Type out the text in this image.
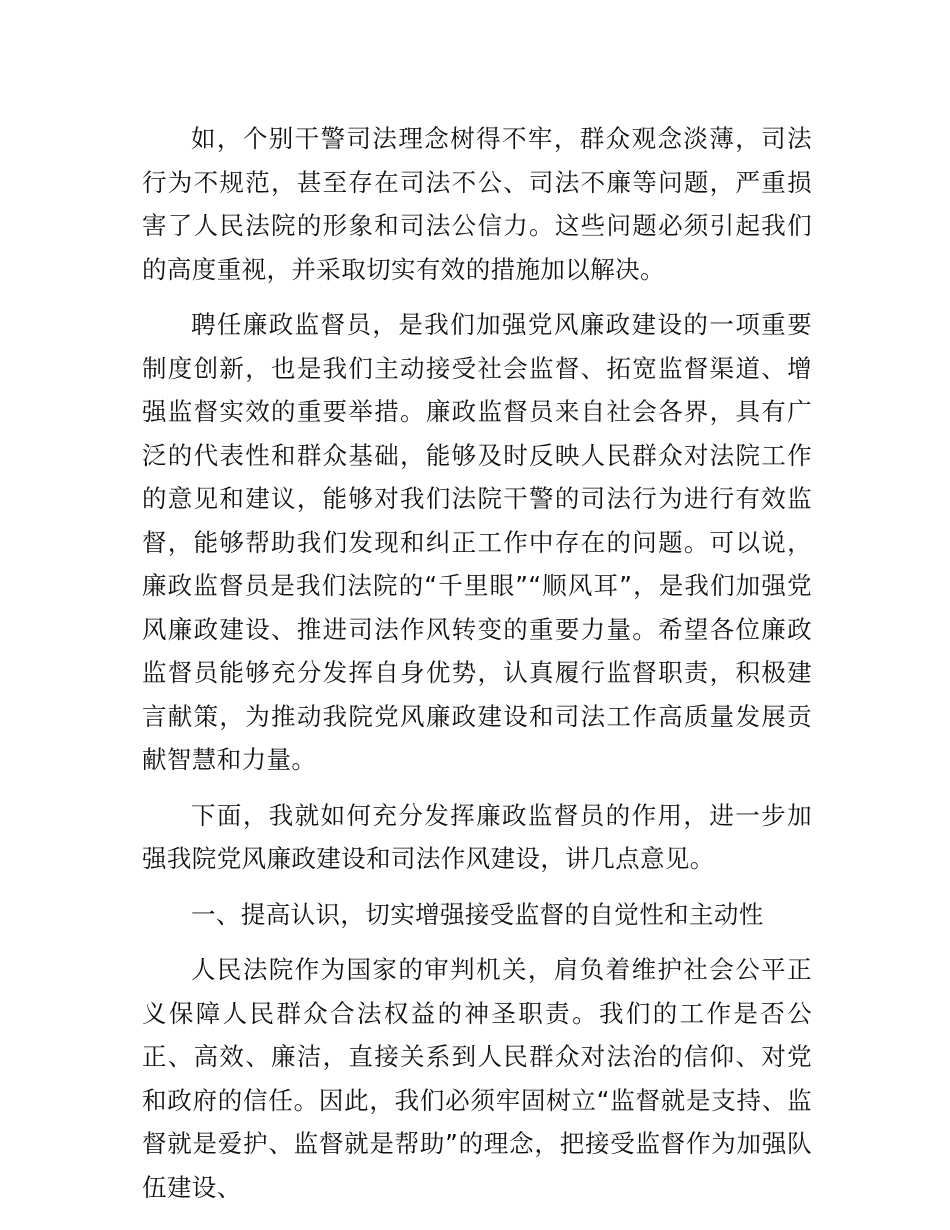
如，个别干警司法理念树得不牢，群众观念淡薄，司法行为不规范，甚至存在司法不公、司法不廉等问题，严重损害了人民法院的形象和司法公信力。这些问题必须引起我们的高度重视，并采取切实有效的措施加以解决。

聘任廉政监督员，是我们加强党风廉政建设的一项重要制度创新，也是我们主动接受社会监督、拓宽监督渠道、增强监督实效的重要举措。廉政监督员来自社会各界，具有广泛的代表性和群众基础，能够及时反映人民群众对法院工作的意见和建议，能够对我们法院干警的司法行为进行有效监督，能够帮助我们发现和纠正工作中存在的问题。可以说，廉政监督员是我们法院的“千里眼”“顺风耳”，是我们加强党风廉政建设、推进司法作风转变的重要力量。希望各位廉政监督员能够充分发挥自身优势，认真履行监督职责，积极建言献策，为推动我院党风廉政建设和司法工作高质量发展贡献智慧和力量。

下面，我就如何充分发挥廉政监督员的作用，进一步加强我院党风廉政建设和司法作风建设，讲几点意见。

一、提高认识，切实增强接受监督的自觉性和主动性

人民法院作为国家的审判机关，肩负着维护社会公平正义保障人民群众合法权益的神圣职责。我们的工作是否公正、高效、廉洁，直接关系到人民群众对法治的信仰、对党和政府的信任。因此，我们必须牢固树立“监督就是支持、监督就是爱护、监督就是帮助”的理念，把接受监督作为加强队伍建设、
